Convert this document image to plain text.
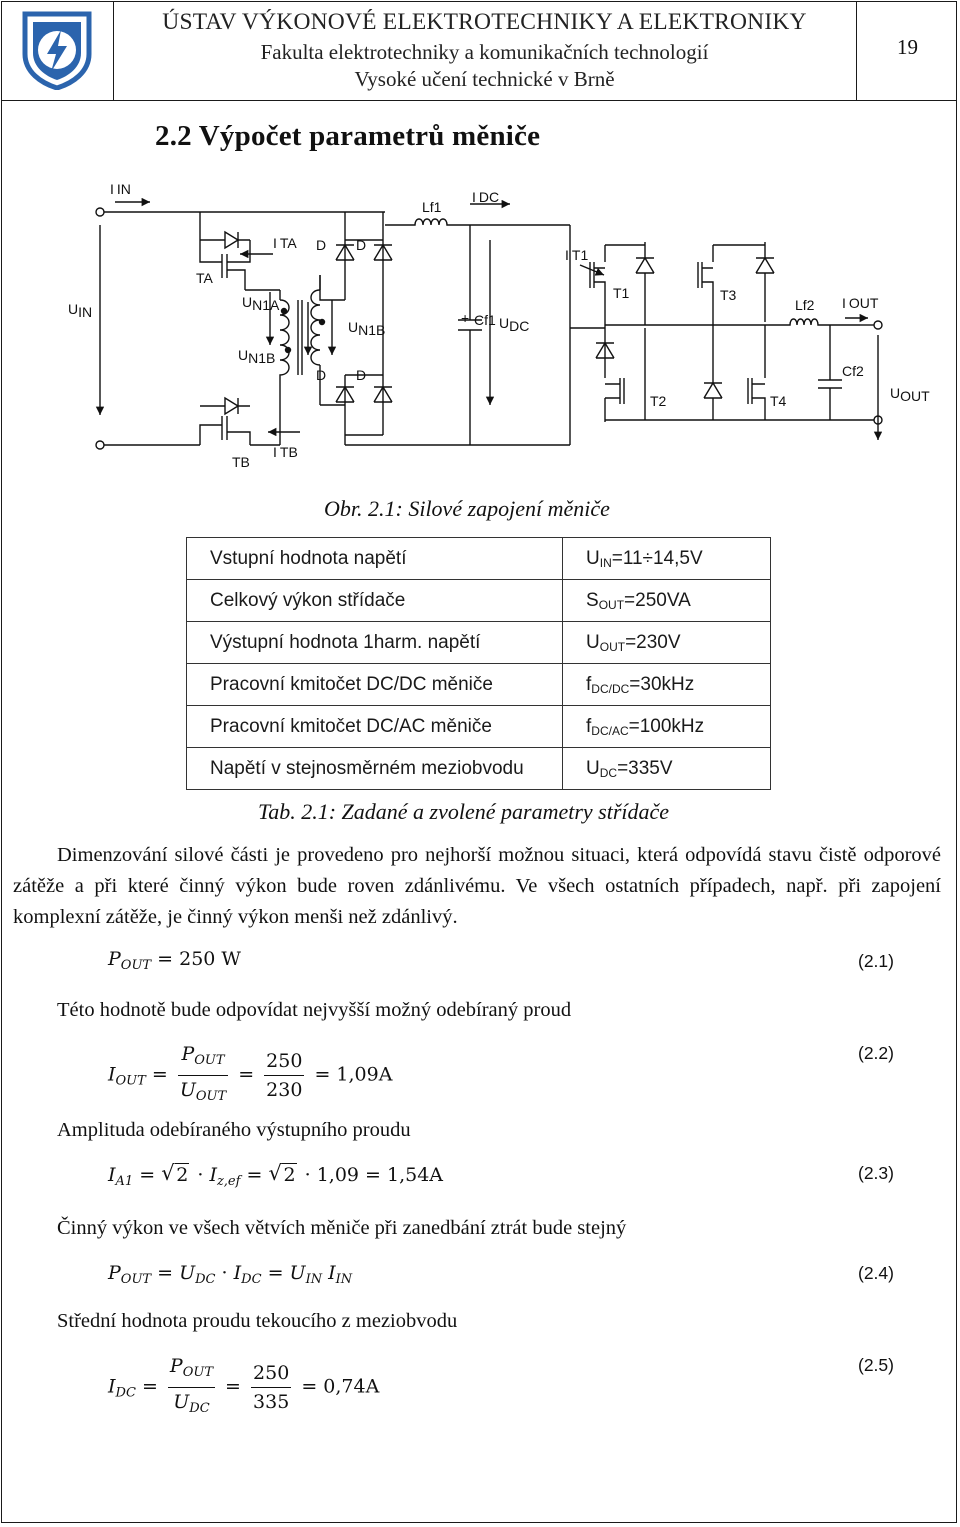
ÚSTAV VÝKONOVÉ ELEKTROTECHNIKY A ELEKTRONIKY
Fakulta elektrotechniky a komunikačních technologií
Vysoké učení technické v Brně
19
2.2 Výpočet parametrů měniče
I IN
UIN
TA
TB
I TA
I TB
UN1A
UN1B
UN1B
D D
D D
Lf1
I DC
+ Cf1 UDC
I T1
T1
T2
T3
T4
Lf2 I OUT
Cf2
UOUT
Obr. 2.1: Silové zapojení měniče
Vstupní hodnota napětí	$U_{IN}=11\div 14,5V$
Celkový výkon střídače	$S_{OUT}=250VA$
Výstupní hodnota 1harm. napětí	$U_{OUT}=230V$
Pracovní kmitočet DC/DC měniče	$f_{DC/DC}=30kHz$
Pracovní kmitočet DC/AC měniče	$f_{DC/AC}=100kHz$
Napětí v stejnosměrném meziobvodu	$U_{DC}=335V$
Tab. 2.1: Zadané a zvolené parametry střídače
Dimenzování silové části je provedeno pro nejhorší možnou situaci, která odpovídá stavu čistě odporové zátěže a při které činný výkon bude roven zdánlivému. Ve všech ostatních případech, např. při zapojení komplexní zátěže, je činný výkon menši než zdánlivý.
$P_{OUT} = 250$ W	(2.1)
Této hodnotě bude odpovídat nejvyšší možný odebíraný proud
$I_{OUT} = \frac{P_{OUT}}{U_{OUT}} = \frac{250}{230} = 1,09A$
(2.2)
Amplituda odebíraného výstupního proudu
$I_{A1}$ = √ $2 \cdot I_{z,ef}$ = √ 2 · 1,09 = 1,54A	(2.3)
Činný výkon ve všech větvích měniče při zanedbání ztrát bude stejný
$P_{OUT} = U_{DC} \cdot I_{DC} = U_{IN}$ $I_{IN}$	(2.4)
Střední hodnota proudu tekoucího z meziobvodu
$I_{DC} = \frac{P_{OUT}}{U_{DC}} = \frac{250}{335} = 0,74A$
(2.5)
